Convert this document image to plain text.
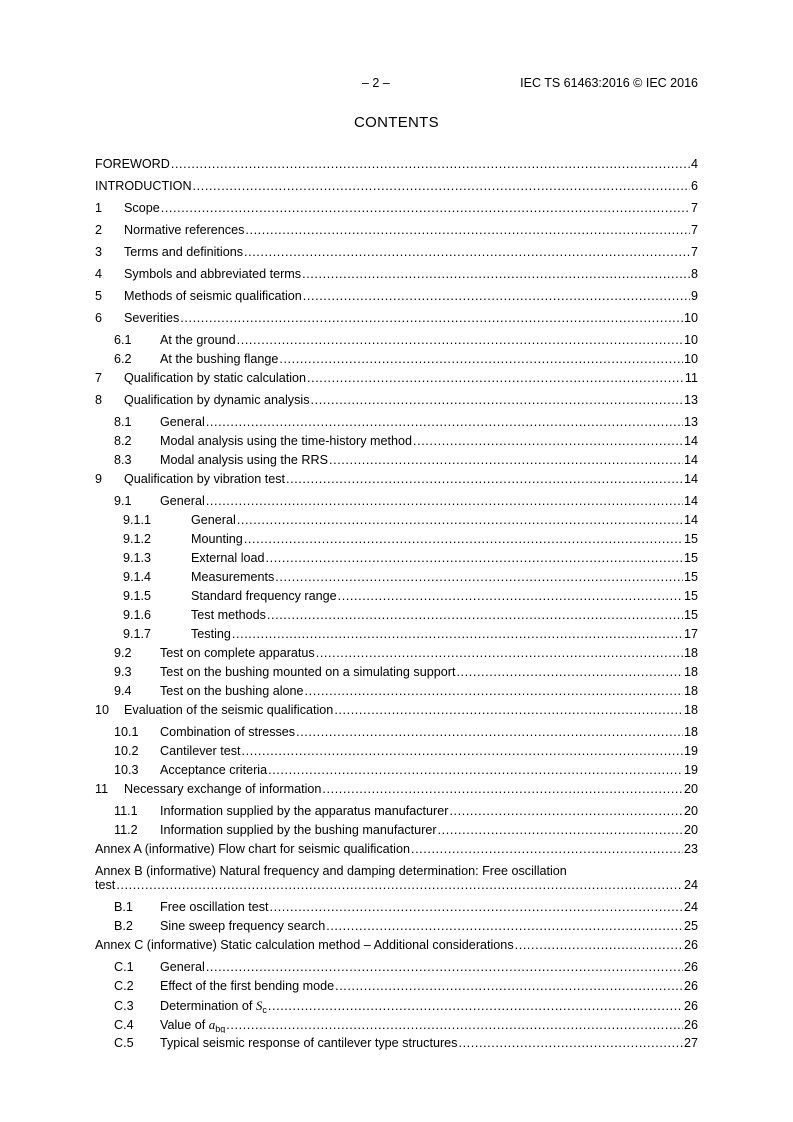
– 2 –	IEC TS 61463:2016 © IEC 2016
CONTENTS
FOREWORD .....	4
INTRODUCTION .....	6
1	Scope .....	7
2	Normative references .....	7
3	Terms and definitions .....	7
4	Symbols and abbreviated terms .....	8
5	Methods of seismic qualification .....	9
6	Severities .....	10
6.1	At the ground .....	10
6.2	At the bushing flange .....	10
7	Qualification by static calculation .....	11
8	Qualification by dynamic analysis .....	13
8.1	General .....	13
8.2	Modal analysis using the time-history method .....	14
8.3	Modal analysis using the RRS .....	14
9	Qualification by vibration test .....	14
9.1	General .....	14
9.1.1	General .....	14
9.1.2	Mounting .....	15
9.1.3	External load .....	15
9.1.4	Measurements .....	15
9.1.5	Standard frequency range .....	15
9.1.6	Test methods .....	15
9.1.7	Testing .....	17
9.2	Test on complete apparatus .....	18
9.3	Test on the bushing mounted on a simulating support .....	18
9.4	Test on the bushing alone .....	18
10	Evaluation of the seismic qualification .....	18
10.1	Combination of stresses .....	18
10.2	Cantilever test .....	19
10.3	Acceptance criteria .....	19
11	Necessary exchange of information .....	20
11.1	Information supplied by the apparatus manufacturer .....	20
11.2	Information supplied by the bushing manufacturer .....	20
Annex A (informative) Flow chart for seismic qualification .....	23
Annex B (informative) Natural frequency and damping determination: Free oscillation
test .....	24
B.1	Free oscillation test .....	24
B.2	Sine sweep frequency search .....	25
Annex C (informative) Static calculation method – Additional considerations .....	26
C.1	General .....	26
C.2	Effect of the first bending mode .....	26
C.3	Determination of $S_c$ .....	26
C.4	Value of $a_{bg}$ .....	26
C.5	Typical seismic response of cantilever type structures .....	27
